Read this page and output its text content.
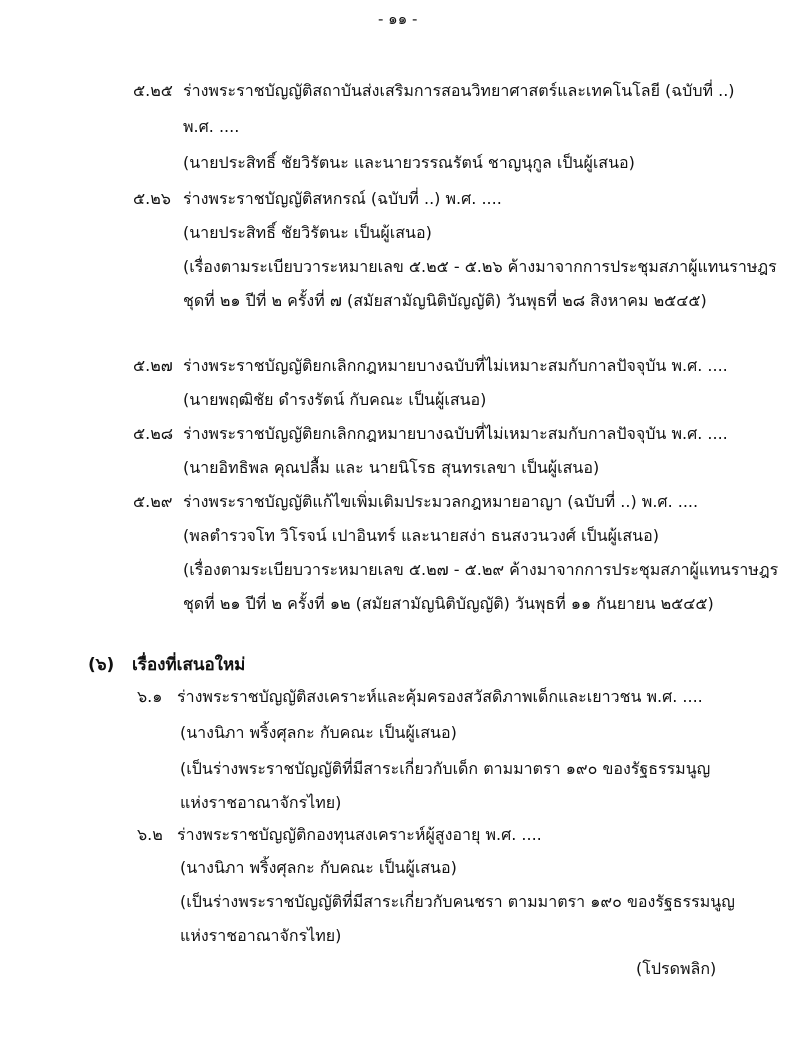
- ๑๑ -
๕.๒๕ ร่างพระราชบัญญัติสถาบันส่งเสริมการสอนวิทยาศาสตร์และเทคโนโลยี (ฉบับที่ ..)
พ.ศ. ....
(นายประสิทธิ์ ชัยวิรัตนะ และนายวรรณรัตน์ ชาญนุกูล เป็นผู้เสนอ)
๕.๒๖ ร่างพระราชบัญญัติสหกรณ์ (ฉบับที่ ..) พ.ศ. ....
(นายประสิทธิ์ ชัยวิรัตนะ เป็นผู้เสนอ)
(เรื่องตามระเบียบวาระหมายเลข ๕.๒๕ - ๕.๒๖ ค้างมาจากการประชุมสภาผู้แทนราษฎร
ชุดที่ ๒๑ ปีที่ ๒ ครั้งที่ ๗ (สมัยสามัญนิติบัญญัติ) วันพุธที่ ๒๘ สิงหาคม ๒๕๔๕)
๕.๒๗ ร่างพระราชบัญญัติยกเลิกกฎหมายบางฉบับที่ไม่เหมาะสมกับกาลปัจจุบัน พ.ศ. ....
(นายพฤฒิชัย ดำรงรัตน์ กับคณะ เป็นผู้เสนอ)
๕.๒๘ ร่างพระราชบัญญัติยกเลิกกฎหมายบางฉบับที่ไม่เหมาะสมกับกาลปัจจุบัน พ.ศ. ....
(นายอิทธิพล คุณปลื้ม และ นายนิโรธ สุนทรเลขา เป็นผู้เสนอ)
๕.๒๙ ร่างพระราชบัญญัติแก้ไขเพิ่มเติมประมวลกฎหมายอาญา (ฉบับที่ ..) พ.ศ. ....
(พลตำรวจโท วิโรจน์ เปาอินทร์ และนายสง่า ธนสงวนวงศ์ เป็นผู้เสนอ)
(เรื่องตามระเบียบวาระหมายเลข ๕.๒๗ - ๕.๒๙ ค้างมาจากการประชุมสภาผู้แทนราษฎร
ชุดที่ ๒๑ ปีที่ ๒ ครั้งที่ ๑๒ (สมัยสามัญนิติบัญญัติ) วันพุธที่ ๑๑ กันยายน ๒๕๔๕)
(๖) เรื่องที่เสนอใหม่
๖.๑ ร่างพระราชบัญญัติสงเคราะห์และคุ้มครองสวัสดิภาพเด็กและเยาวชน พ.ศ. ....
(นางนิภา พริ้งศุลกะ กับคณะ เป็นผู้เสนอ)
(เป็นร่างพระราชบัญญัติที่มีสาระเกี่ยวกับเด็ก ตามมาตรา ๑๙๐ ของรัฐธรรมนูญ
แห่งราชอาณาจักรไทย)
๖.๒ ร่างพระราชบัญญัติกองทุนสงเคราะห์ผู้สูงอายุ พ.ศ. ....
(นางนิภา พริ้งศุลกะ กับคณะ เป็นผู้เสนอ)
(เป็นร่างพระราชบัญญัติที่มีสาระเกี่ยวกับคนชรา ตามมาตรา ๑๙๐ ของรัฐธรรมนูญ
แห่งราชอาณาจักรไทย)
(โปรดพลิก)
